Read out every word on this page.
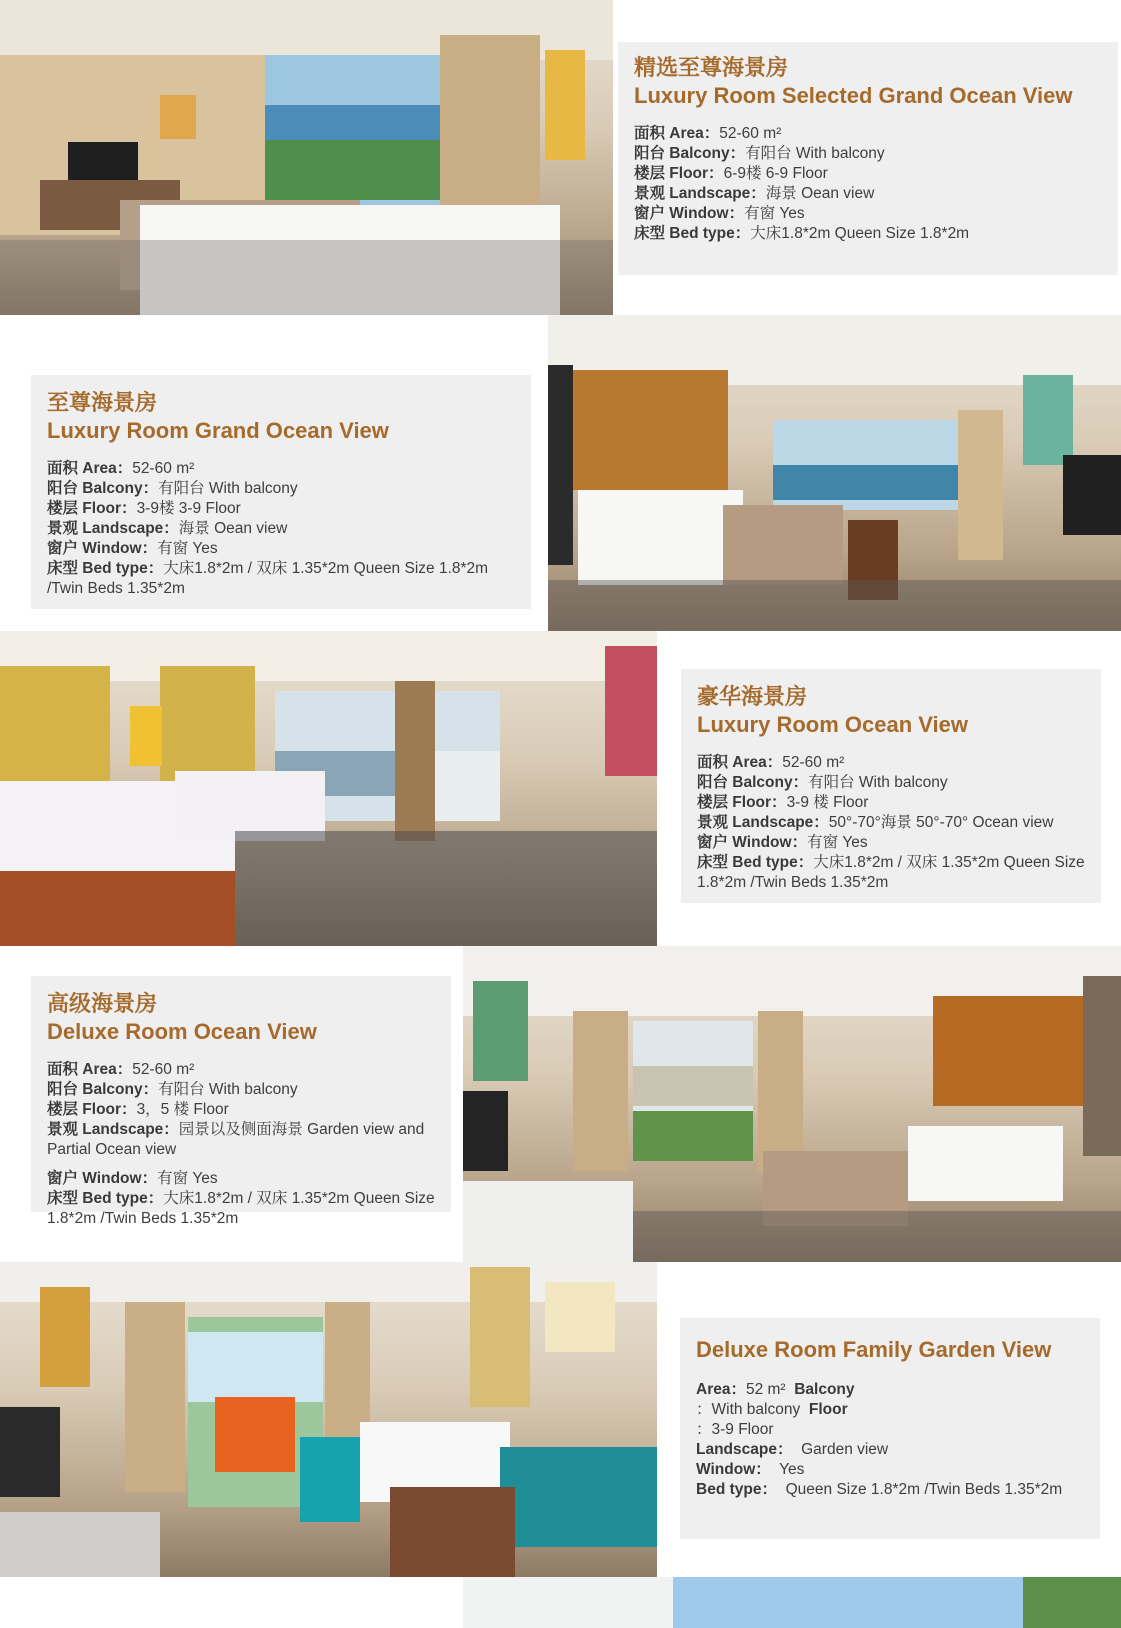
精选至尊海景房

Luxury Room Selected Grand Ocean View

面积 Area：52-60 m²

阳台 Balcony：有阳台 With balcony

楼层 Floor：6-9楼 6-9 Floor

景观 Landscape：海景 Oean view

窗户 Window：有窗 Yes

床型 Bed type：大床1.8*2m Queen Size 1.8*2m

至尊海景房

Luxury Room Grand Ocean View

面积 Area：52-60 m²

阳台 Balcony：有阳台 With balcony

楼层 Floor：3-9楼 3-9 Floor

景观 Landscape：海景 Oean view

窗户 Window：有窗 Yes

床型 Bed type：大床1.8*2m / 双床 1.35*2m Queen Size 1.8*2m /Twin Beds 1.35*2m

豪华海景房

Luxury Room Ocean View

面积 Area：52-60 m²

阳台 Balcony：有阳台 With balcony

楼层 Floor：3-9 楼 Floor

景观 Landscape：50°-70°海景 50°-70° Ocean view

窗户 Window：有窗 Yes

床型 Bed type：大床1.8*2m / 双床 1.35*2m Queen Size 1.8*2m /Twin Beds 1.35*2m

高级海景房

Deluxe Room Ocean View

面积 Area：52-60 m²

阳台 Balcony：有阳台 With balcony

楼层 Floor：3，5 楼 Floor

景观 Landscape：园景以及侧面海景 Garden view and Partial Ocean view

窗户 Window：有窗 Yes

床型 Bed type：大床1.8*2m / 双床 1.35*2m Queen Size 1.8*2m /Twin Beds 1.35*2m

Deluxe Room Family Garden View

Area：52 m² Balcony

：With balcony Floor

：3-9 Floor

Landscape： Garden view

Window： Yes

Bed type： Queen Size 1.8*2m /Twin Beds 1.35*2m
